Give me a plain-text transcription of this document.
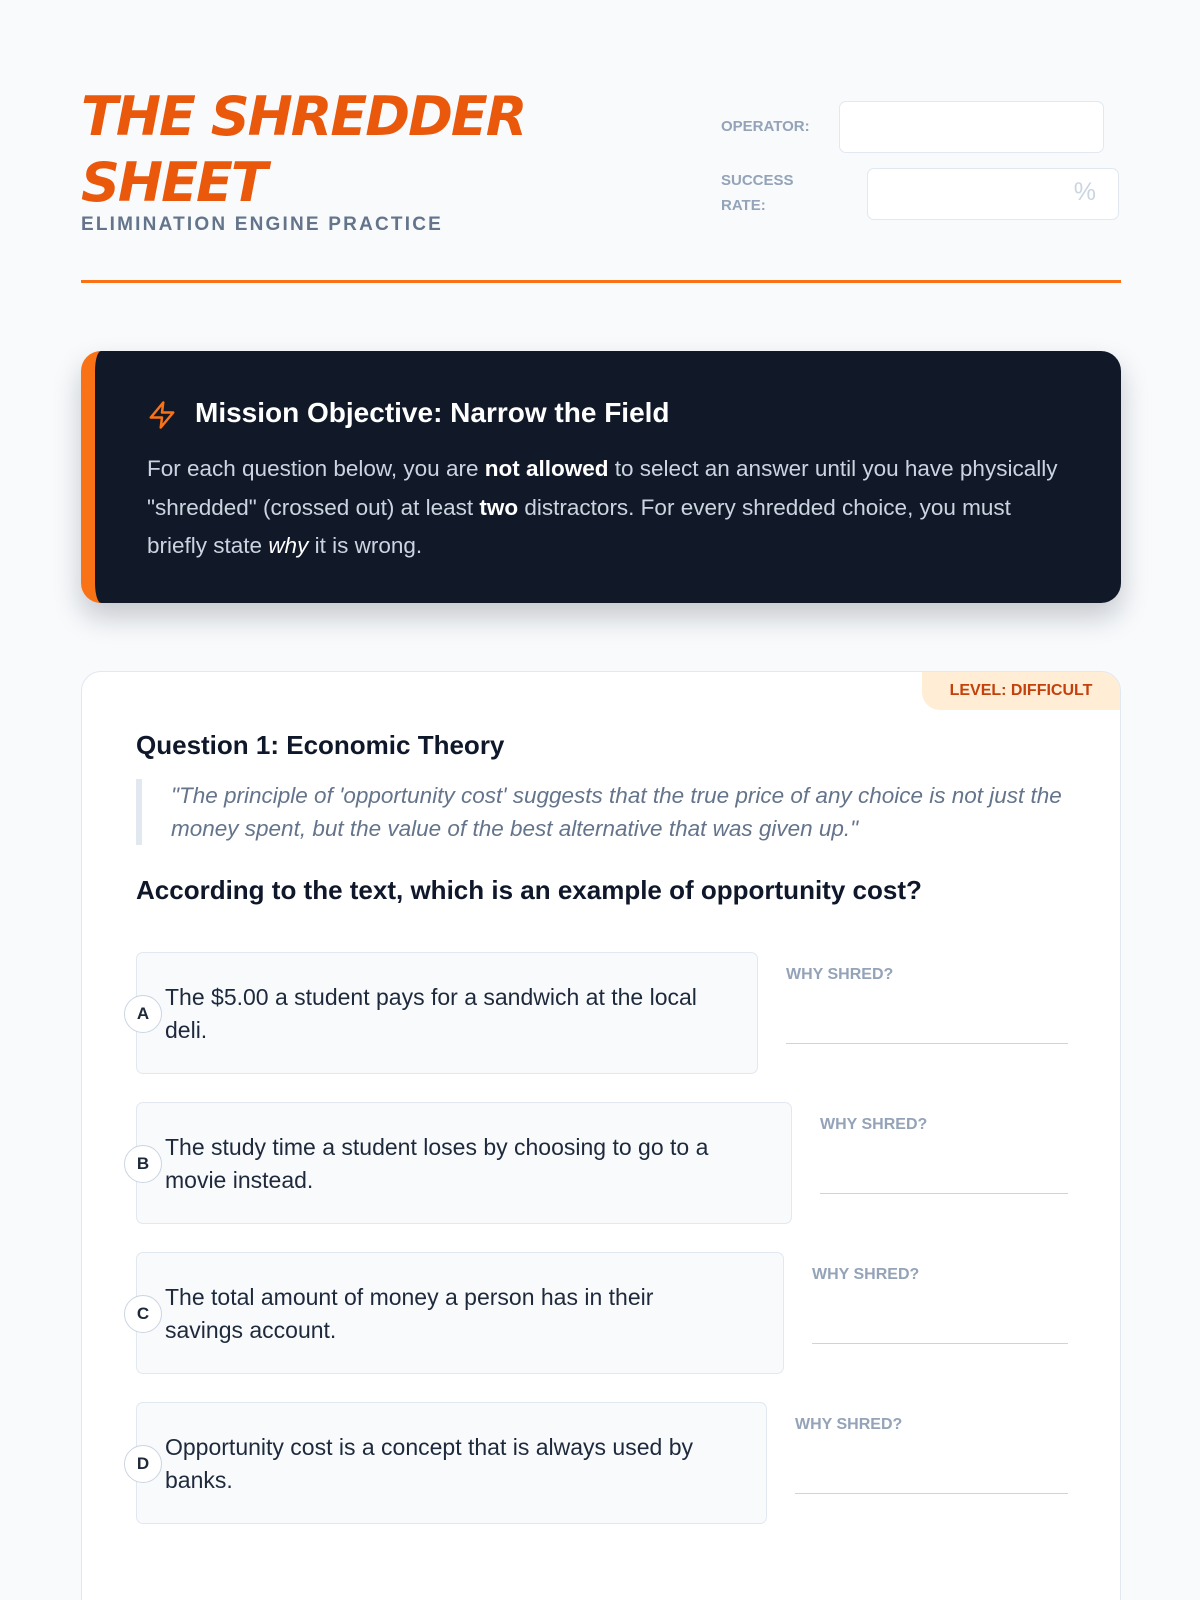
THE SHREDDER
SHEET
ELIMINATION ENGINE PRACTICE
OPERATOR:
SUCCESS
RATE:	%
Mission Objective: Narrow the Field
For each question below, you are not allowed to select an answer until you have physically "shredded" (crossed out) at least two distractors. For every shredded choice, you must briefly state why it is wrong.
LEVEL: DIFFICULT
Question 1: Economic Theory
"The principle of 'opportunity cost' suggests that the true price of any choice is not just the money spent, but the value of the best alternative that was given up."
According to the text, which is an example of opportunity cost?
A
The $5.00 a student pays for a sandwich at the local deli.
WHY SHRED?
B
The study time a student loses by choosing to go to a movie instead.
WHY SHRED?
C
The total amount of money a person has in their savings account.
WHY SHRED?
D
Opportunity cost is a concept that is always used by banks.
WHY SHRED?
